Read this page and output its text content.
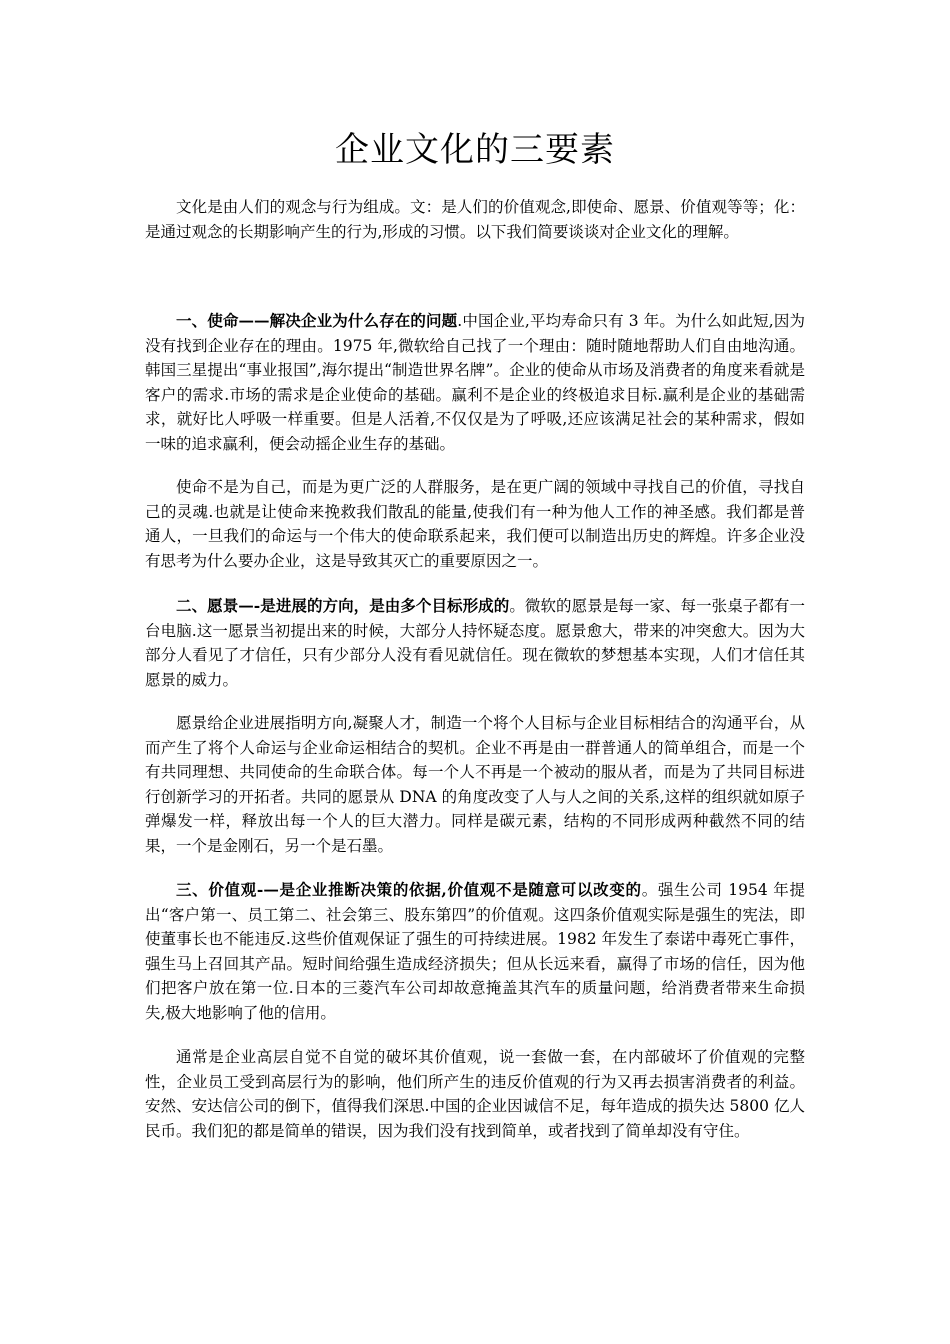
企业文化的三要素

文化是由人们的观念与行为组成。文：是人们的价值观念,即使命、愿景、价值观等等；化：是通过观念的长期影响产生的行为,形成的习惯。以下我们简要谈谈对企业文化的理解。

一、使命——解决企业为什么存在的问题.中国企业,平均寿命只有 3 年。为什么如此短,因为没有找到企业存在的理由。1975 年,微软给自己找了一个理由：随时随地帮助人们自由地沟通。韩国三星提出“事业报国”,海尔提出“制造世界名牌”。企业的使命从市场及消费者的角度来看就是客户的需求.市场的需求是企业使命的基础。赢利不是企业的终极追求目标.赢利是企业的基础需求，就好比人呼吸一样重要。但是人活着,不仅仅是为了呼吸,还应该满足社会的某种需求，假如一味的追求赢利，便会动摇企业生存的基础。

使命不是为自己，而是为更广泛的人群服务，是在更广阔的领域中寻找自己的价值，寻找自己的灵魂.也就是让使命来挽救我们散乱的能量,使我们有一种为他人工作的神圣感。我们都是普通人，一旦我们的命运与一个伟大的使命联系起来，我们便可以制造出历史的辉煌。许多企业没有思考为什么要办企业，这是导致其灭亡的重要原因之一。

二、愿景—-是进展的方向，是由多个目标形成的。微软的愿景是每一家、每一张桌子都有一台电脑.这一愿景当初提出来的时候，大部分人持怀疑态度。愿景愈大，带来的冲突愈大。因为大部分人看见了才信任，只有少部分人没有看见就信任。现在微软的梦想基本实现，人们才信任其愿景的威力。

愿景给企业进展指明方向,凝聚人才，制造一个将个人目标与企业目标相结合的沟通平台，从而产生了将个人命运与企业命运相结合的契机。企业不再是由一群普通人的简单组合，而是一个有共同理想、共同使命的生命联合体。每一个人不再是一个被动的服从者，而是为了共同目标进行创新学习的开拓者。共同的愿景从 DNA 的角度改变了人与人之间的关系,这样的组织就如原子弹爆发一样，释放出每一个人的巨大潜力。同样是碳元素，结构的不同形成两种截然不同的结果，一个是金刚石，另一个是石墨。

三、价值观-—是企业推断决策的依据,价值观不是随意可以改变的。强生公司 1954 年提出“客户第一、员工第二、社会第三、股东第四”的价值观。这四条价值观实际是强生的宪法，即使董事长也不能违反.这些价值观保证了强生的可持续进展。1982 年发生了泰诺中毒死亡事件，强生马上召回其产品。短时间给强生造成经济损失；但从长远来看，赢得了市场的信任，因为他们把客户放在第一位.日本的三菱汽车公司却故意掩盖其汽车的质量问题，给消费者带来生命损失,极大地影响了他的信用。

通常是企业高层自觉不自觉的破坏其价值观，说一套做一套，在内部破坏了价值观的完整性，企业员工受到高层行为的影响，他们所产生的违反价值观的行为又再去损害消费者的利益。安然、安达信公司的倒下，值得我们深思.中国的企业因诚信不足，每年造成的损失达 5800 亿人民币。我们犯的都是简单的错误，因为我们没有找到简单，或者找到了简单却没有守住。
